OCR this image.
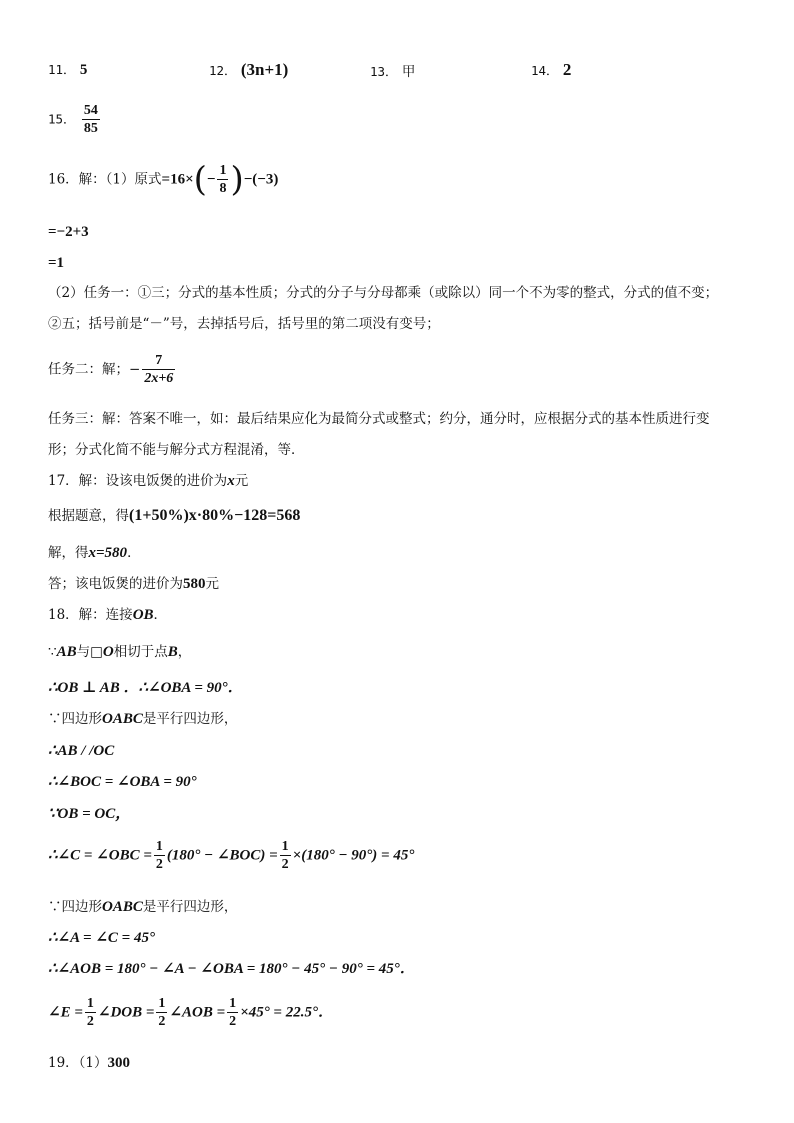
11． 5	12． (3n+1)	13． 甲	14． 2
15． $\frac{54}{85}$
16．解：（1）原式$=16\times(- \frac{1}{8} )-(-3)$
=−2+3
=1
（2）任务一：①三；分式的基本性质；分式的分子与分母都乘（或除以）同一个不为零的整式，分式的值不变；
②五；括号前是“－”号，去掉括号后，括号里的第二项没有变号；
任务二：解；− $\frac{7}{2x+6}$
任务三：解：答案不唯一，如：最后结果应化为最简分式或整式；约分，通分时，应根据分式的基本性质进行变
形；分式化简不能与解分式方程混淆，等．
17．解：设该电饭煲的进价为x元
根据题意，得(1+50%)x·80%−128=568
解，得x=580．
答；该电饭煲的进价为580元
18．解：连接OB．
∵AB与□O相切于点B，
∴OB ⊥ AB ．∴∠OBA = 90°．
∵四边形OABC是平行四边形，
∴AB / /OC
∴∠BOC = ∠OBA = 90°
∵OB = OC，
∴∠C = ∠OBC = $\frac{1}{2} (180^\circ$ − ∠BOC) = $\frac{1}{2} \times(180^\circ - 90^\circ) = 45^\circ$
∵四边形OABC是平行四边形，
∴∠A = ∠C = 45°
∴∠AOB = 180° − ∠A − ∠OBA = 180° − 45° − 90° = 45°．
∠E = $\frac{1}{2}$ ∠DOB = $\frac{1}{2}$ ∠AOB = $\frac{1}{2} \times 45^\circ = 22.5^\circ$．
19．（1）300
